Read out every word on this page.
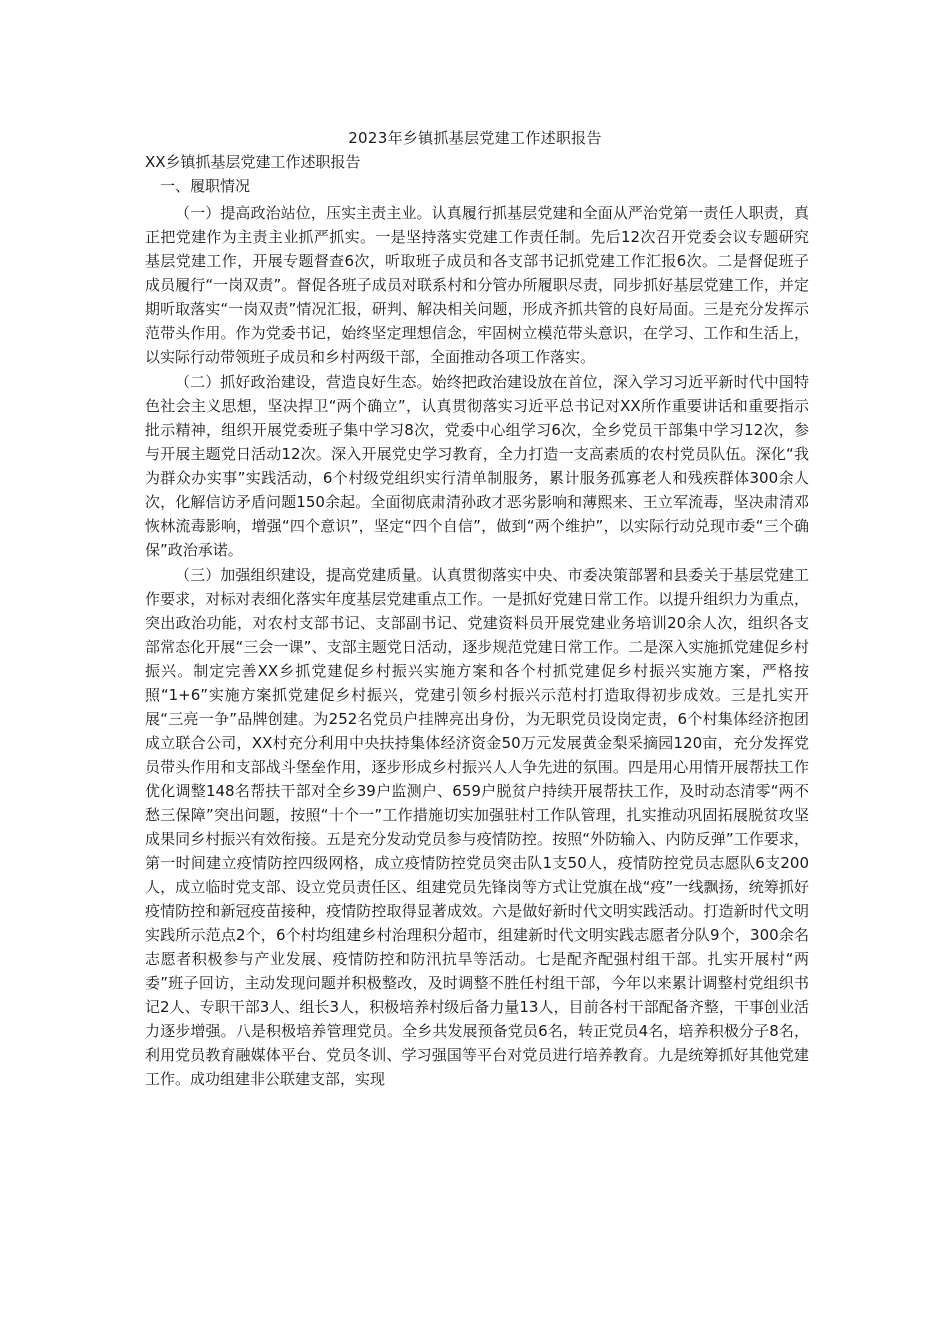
2023年乡镇抓基层党建工作述职报告
XX乡镇抓基层党建工作述职报告
一、履职情况

（一）提高政治站位，压实主责主业。认真履行抓基层党建和全面从严治党第一责任人职责，真正把党建作为主责主业抓严抓实。一是坚持落实党建工作责任制。先后12次召开党委会议专题研究基层党建工作，开展专题督查6次，听取班子成员和各支部书记抓党建工作汇报6次。二是督促班子成员履行“一岗双责”。督促各班子成员对联系村和分管办所履职尽责，同步抓好基层党建工作，并定期听取落实“一岗双责”情况汇报，研判、解决相关问题，形成齐抓共管的良好局面。三是充分发挥示范带头作用。作为党委书记，始终坚定理想信念，牢固树立模范带头意识，在学习、工作和生活上，以实际行动带领班子成员和乡村两级干部，全面推动各项工作落实。

（二）抓好政治建设，营造良好生态。始终把政治建设放在首位，深入学习习近平新时代中国特色社会主义思想，坚决捍卫“两个确立”，认真贯彻落实习近平总书记对XX所作重要讲话和重要指示批示精神，组织开展党委班子集中学习8次，党委中心组学习6次，全乡党员干部集中学习12次，参与开展主题党日活动12次。深入开展党史学习教育，全力打造一支高素质的农村党员队伍。深化“我为群众办实事”实践活动，6个村级党组织实行清单制服务，累计服务孤寡老人和残疾群体300余人次，化解信访矛盾问题150余起。全面彻底肃清孙政才恶劣影响和薄熙来、王立军流毒，坚决肃清邓恢林流毒影响，增强“四个意识”，坚定“四个自信”，做到“两个维护”，以实际行动兑现市委“三个确保”政治承诺。

（三）加强组织建设，提高党建质量。认真贯彻落实中央、市委决策部署和县委关于基层党建工作要求，对标对表细化落实年度基层党建重点工作。一是抓好党建日常工作。以提升组织力为重点，突出政治功能，对农村支部书记、支部副书记、党建资料员开展党建业务培训20余人次，组织各支部常态化开展“三会一课”、支部主题党日活动，逐步规范党建日常工作。二是深入实施抓党建促乡村振兴。制定完善XX乡抓党建促乡村振兴实施方案和各个村抓党建促乡村振兴实施方案，严格按照“1+6”实施方案抓党建促乡村振兴，党建引领乡村振兴示范村打造取得初步成效。三是扎实开展“三亮一争”品牌创建。为252名党员户挂牌亮出身份，为无职党员设岗定责，6个村集体经济抱团成立联合公司，XX村充分利用中央扶持集体经济资金50万元发展黄金梨采摘园120亩，充分发挥党员带头作用和支部战斗堡垒作用，逐步形成乡村振兴人人争先进的氛围。四是用心用情开展帮扶工作优化调整148名帮扶干部对全乡39户监测户、659户脱贫户持续开展帮扶工作，及时动态清零“两不愁三保障”突出问题，按照“十个一”工作措施切实加强驻村工作队管理，扎实推动巩固拓展脱贫攻坚成果同乡村振兴有效衔接。五是充分发动党员参与疫情防控。按照“外防输入、内防反弹”工作要求，第一时间建立疫情防控四级网格，成立疫情防控党员突击队1支50人，疫情防控党员志愿队6支200人，成立临时党支部、设立党员责任区、组建党员先锋岗等方式让党旗在战“疫”一线飘扬，统筹抓好疫情防控和新冠疫苗接种，疫情防控取得显著成效。六是做好新时代文明实践活动。打造新时代文明实践所示范点2个，6个村均组建乡村治理积分超市，组建新时代文明实践志愿者分队9个，300余名志愿者积极参与产业发展、疫情防控和防汛抗旱等活动。七是配齐配强村组干部。扎实开展村“两委”班子回访，主动发现问题并积极整改，及时调整不胜任村组干部，今年以来累计调整村党组织书记2人、专职干部3人、组长3人，积极培养村级后备力量13人，目前各村干部配备齐整，干事创业活力逐步增强。八是积极培养管理党员。全乡共发展预备党员6名，转正党员4名，培养积极分子8名，利用党员教育融媒体平台、党员冬训、学习强国等平台对党员进行培养教育。九是统筹抓好其他党建工作。成功组建非公联建支部，实现
